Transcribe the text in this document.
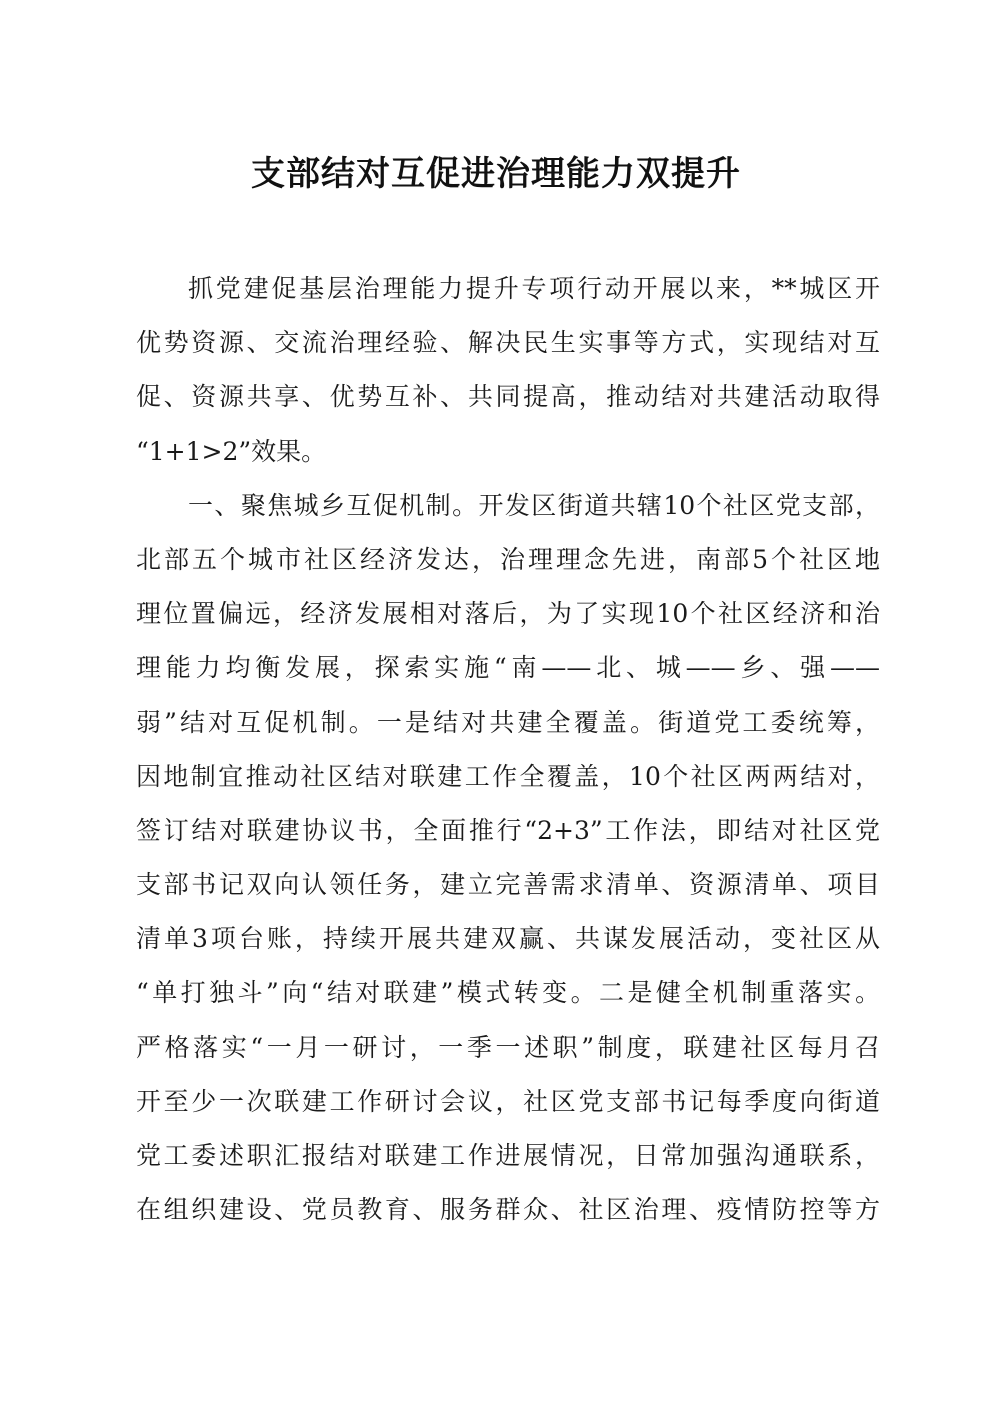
支部结对互促进治理能力双提升
抓党建促基层治理能力提升专项行动开展以来，**城区开
优势资源、交流治理经验、解决民生实事等方式，实现结对互
促、资源共享、优势互补、共同提高，推动结对共建活动取得
“1+1>2”效果。
一、聚焦城乡互促机制。开发区街道共辖10个社区党支部，
北部五个城市社区经济发达，治理理念先进，南部5个社区地
理位置偏远，经济发展相对落后，为了实现10个社区经济和治
理能力均衡发展，探索实施“南——北、城——乡、强——
弱”结对互促机制。一是结对共建全覆盖。街道党工委统筹，
因地制宜推动社区结对联建工作全覆盖，10个社区两两结对，
签订结对联建协议书，全面推行“2+3”工作法，即结对社区党
支部书记双向认领任务，建立完善需求清单、资源清单、项目
清单3项台账，持续开展共建双赢、共谋发展活动，变社区从
“单打独斗”向“结对联建”模式转变。二是健全机制重落实。
严格落实“一月一研讨，一季一述职”制度，联建社区每月召
开至少一次联建工作研讨会议，社区党支部书记每季度向街道
党工委述职汇报结对联建工作进展情况，日常加强沟通联系，
在组织建设、党员教育、服务群众、社区治理、疫情防控等方
